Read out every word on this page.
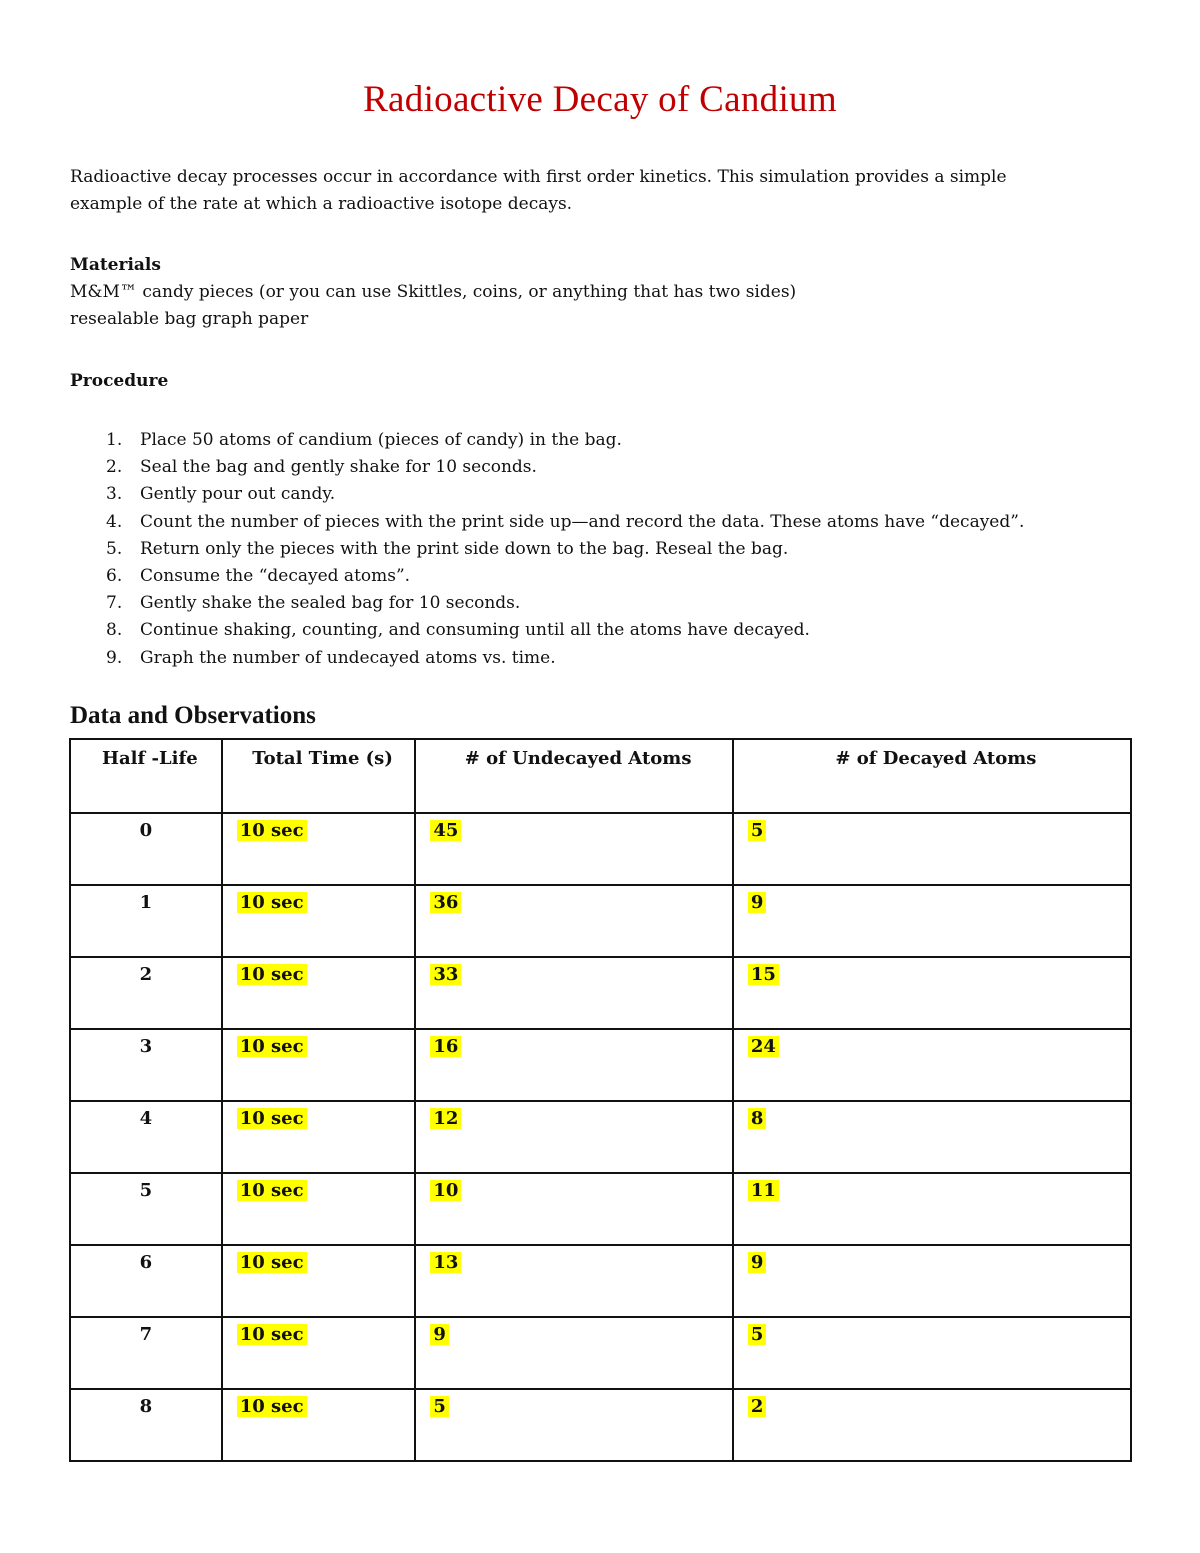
Radioactive Decay of Candium
Radioactive decay processes occur in accordance with first order kinetics. This simulation provides a simple
example of the rate at which a radioactive isotope decays.
Materials
M&M™ candy pieces (or you can use Skittles, coins, or anything that has two sides)
resealable bag graph paper
Procedure
1. Place 50 atoms of candium (pieces of candy) in the bag.
2. Seal the bag and gently shake for 10 seconds.
3. Gently pour out candy.
4. Count the number of pieces with the print side up—and record the data. These atoms have “decayed”.
5. Return only the pieces with the print side down to the bag. Reseal the bag.
6. Consume the “decayed atoms”.
7. Gently shake the sealed bag for 10 seconds.
8. Continue shaking, counting, and consuming until all the atoms have decayed.
9. Graph the number of undecayed atoms vs. time.
Data and Observations
Half -Life	Total Time (s)	# of Undecayed Atoms	# of Decayed Atoms
0	10 sec	45	5
1	10 sec	36	9
2	10 sec	33	15
3	10 sec	16	24
4	10 sec	12	8
5	10 sec	10	11
6	10 sec	13	9
7	10 sec	9	5
8	10 sec	5	2
